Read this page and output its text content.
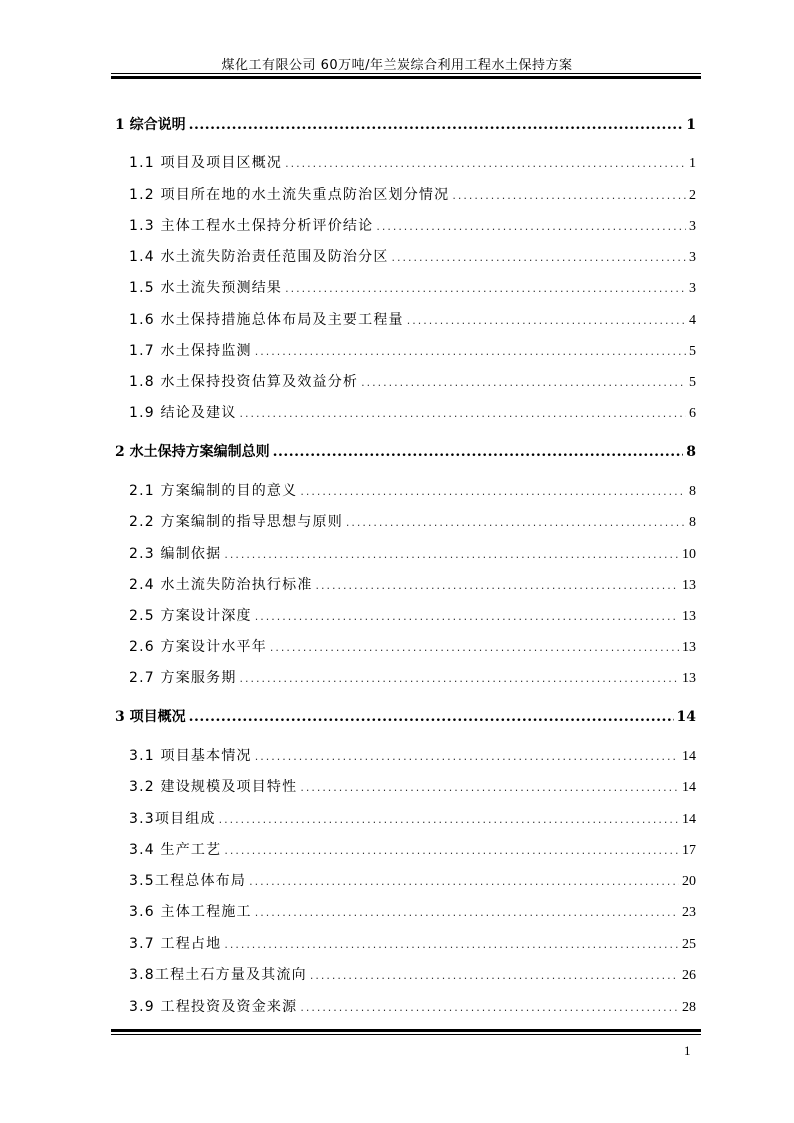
煤化工有限公司 60万吨/年兰炭综合利用工程水土保持方案
1 综合说明 .....	1
1.1 项目及项目区概况 .....	1
1.2 项目所在地的水土流失重点防治区划分情况 .....	2
1.3 主体工程水土保持分析评价结论 .....	3
1.4 水土流失防治责任范围及防治分区 .....	3
1.5 水土流失预测结果 .....	3
1.6 水土保持措施总体布局及主要工程量 .....	4
1.7 水土保持监测 .....	5
1.8 水土保持投资估算及效益分析 .....	5
1.9 结论及建议 .....	6
2 水土保持方案编制总则 .....	8
2.1 方案编制的目的意义 .....	8
2.2 方案编制的指导思想与原则 .....	8
2.3 编制依据 .....	10
2.4 水土流失防治执行标准 .....	13
2.5 方案设计深度 .....	13
2.6 方案设计水平年 .....	13
2.7 方案服务期 .....	13
3 项目概况 .....	14
3.1 项目基本情况 .....	14
3.2 建设规模及项目特性 .....	14
3.3项目组成 .....	14
3.4 生产工艺 .....	17
3.5工程总体布局 .....	20
3.6 主体工程施工 .....	23
3.7 工程占地 .....	25
3.8工程土石方量及其流向 .....	26
3.9 工程投资及资金来源 .....	28
1
